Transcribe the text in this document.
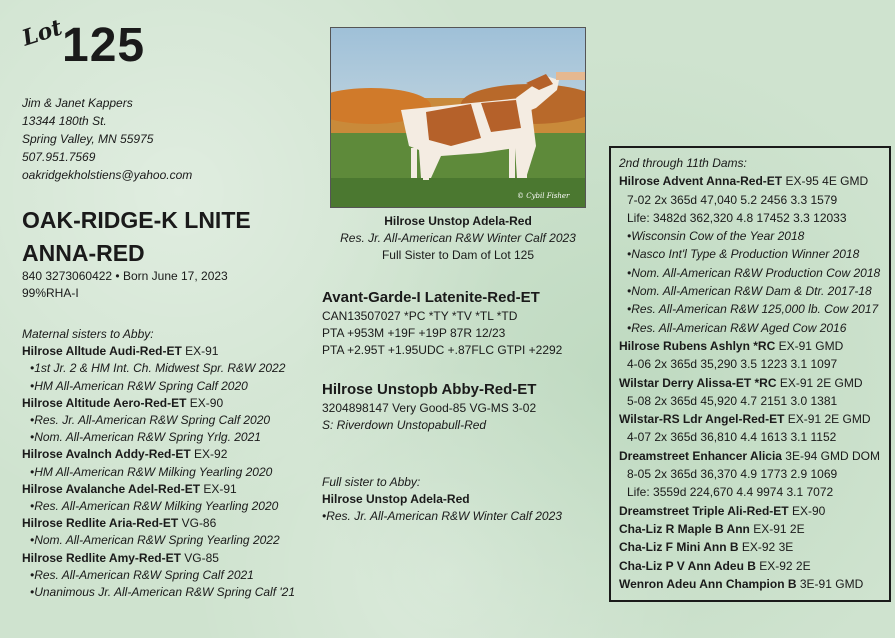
Lot
125
Jim & Janet Kappers
13344 180th St.
Spring Valley, MN 55975
507.951.7569
oakridgekholstiens@yahoo.com
OAK-RIDGE-K LNITE
ANNA-RED
840 3273060422 • Born June 17, 2023
99%RHA-I
Maternal sisters to Abby:
Hilrose Alltude Audi-Red-ET EX-91
•1st Jr. 2 & HM Int. Ch. Midwest Spr. R&W 2022
•HM All-American R&W Spring Calf 2020
Hilrose Altitude Aero-Red-ET EX-90
•Res. Jr. All-American R&W Spring Calf 2020
•Nom. All-American R&W Spring Yrlg. 2021
Hilrose Avalnch Addy-Red-ET EX-92
•HM All-American R&W Milking Yearling 2020
Hilrose Avalanche Adel-Red-ET EX-91
•Res. All-American R&W Milking Yearling 2020
Hilrose Redlite Aria-Red-ET VG-86
•Nom. All-American R&W Spring Yearling 2022
Hilrose Redlite Amy-Red-ET VG-85
•Res. All-American R&W Spring Calf 2021
•Unanimous Jr. All-American R&W Spring Calf '21
© Cybil Fisher
Hilrose Unstop Adela-Red
Res. Jr. All-American R&W Winter Calf 2023
Full Sister to Dam of Lot 125
Avant-Garde-I Latenite-Red-ET
CAN13507027 *PC *TY *TV *TL *TD
PTA +953M +19F +19P 87R 12/23
PTA +2.95T +1.95UDC +.87FLC GTPI +2292
Hilrose Unstopb Abby-Red-ET
3204898147 Very Good-85 VG-MS 3-02
S: Riverdown Unstopabull-Red
Full sister to Abby:
Hilrose Unstop Adela-Red
•Res. Jr. All-American R&W Winter Calf 2023
2nd through 11th Dams:
Hilrose Advent Anna-Red-ET EX-95 4E GMD
7-02 2x 365d 47,040 5.2 2456 3.3 1579
Life: 3482d 362,320 4.8 17452 3.3 12033
•Wisconsin Cow of the Year 2018
•Nasco Int'l Type & Production Winner 2018
•Nom. All-American R&W Production Cow 2018
•Nom. All-American R&W Dam & Dtr. 2017-18
•Res. All-American R&W 125,000 lb. Cow 2017
•Res. All-American R&W Aged Cow 2016
Hilrose Rubens Ashlyn *RC EX-91 GMD
4-06 2x 365d 35,290 3.5 1223 3.1 1097
Wilstar Derry Alissa-ET *RC EX-91 2E GMD
5-08 2x 365d 45,920 4.7 2151 3.0 1381
Wilstar-RS Ldr Angel-Red-ET EX-91 2E GMD
4-07 2x 365d 36,810 4.4 1613 3.1 1152
Dreamstreet Enhancer Alicia 3E-94 GMD DOM
8-05 2x 365d 36,370 4.9 1773 2.9 1069
Life: 3559d 224,670 4.4 9974 3.1 7072
Dreamstreet Triple Ali-Red-ET EX-90
Cha-Liz R Maple B Ann EX-91 2E
Cha-Liz F Mini Ann B EX-92 3E
Cha-Liz P V Ann Adeu B EX-92 2E
Wenron Adeu Ann Champion B 3E-91 GMD
